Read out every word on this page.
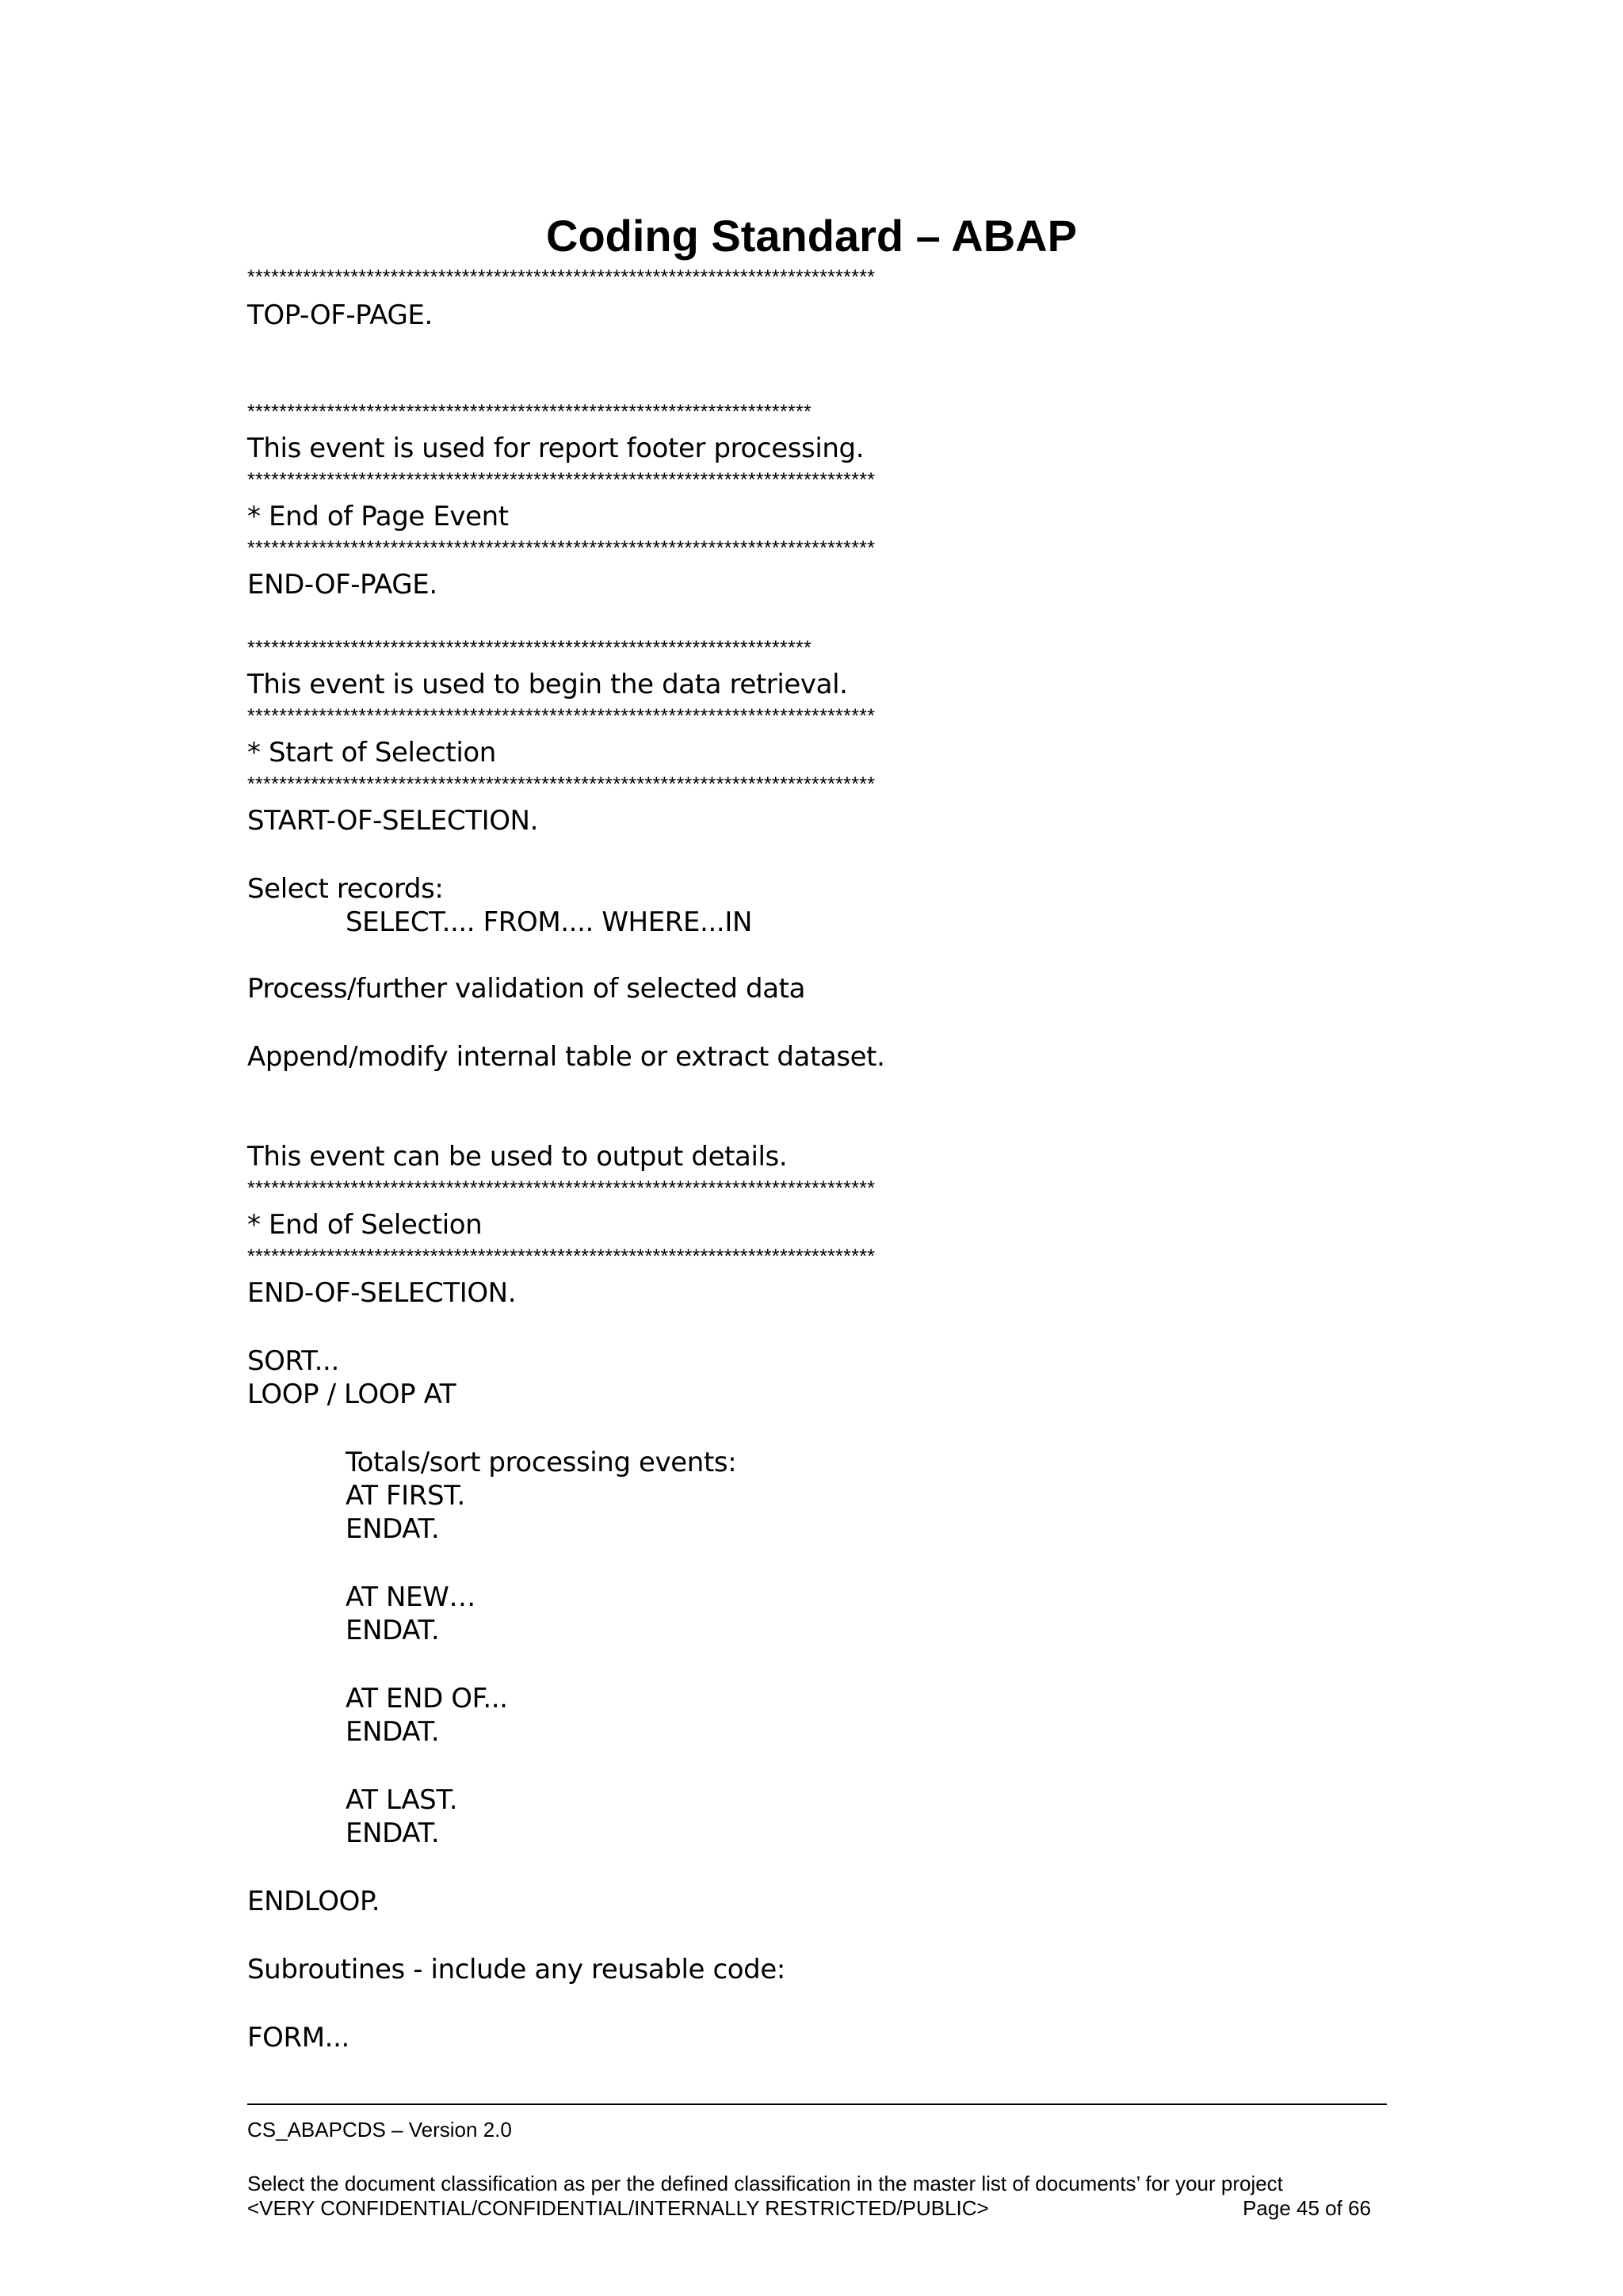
Coding Standard – ABAP
*******************************************************************************
TOP-OF-PAGE.
***********************************************************************
This event is used for report footer processing.
*******************************************************************************
* End of Page Event
*******************************************************************************
END-OF-PAGE.
***********************************************************************
This event is used to begin the data retrieval.
*******************************************************************************
* Start of Selection
*******************************************************************************
START-OF-SELECTION.
Select records:
SELECT.... FROM.... WHERE...IN
Process/further validation of selected data
Append/modify internal table or extract dataset.
This event can be used to output details.
*******************************************************************************
* End of Selection
*******************************************************************************
END-OF-SELECTION.
SORT...
LOOP / LOOP AT
Totals/sort processing events:
AT FIRST.
ENDAT.
AT NEW…
ENDAT.
AT END OF...
ENDAT.
AT LAST.
ENDAT.
ENDLOOP.
Subroutines - include any reusable code:
FORM...
CS_ABAPCDS – Version 2.0
Select the document classification as per the defined classification in the master list of documents’ for your project
<VERY CONFIDENTIAL/CONFIDENTIAL/INTERNALLY RESTRICTED/PUBLIC>	Page 45 of 66
